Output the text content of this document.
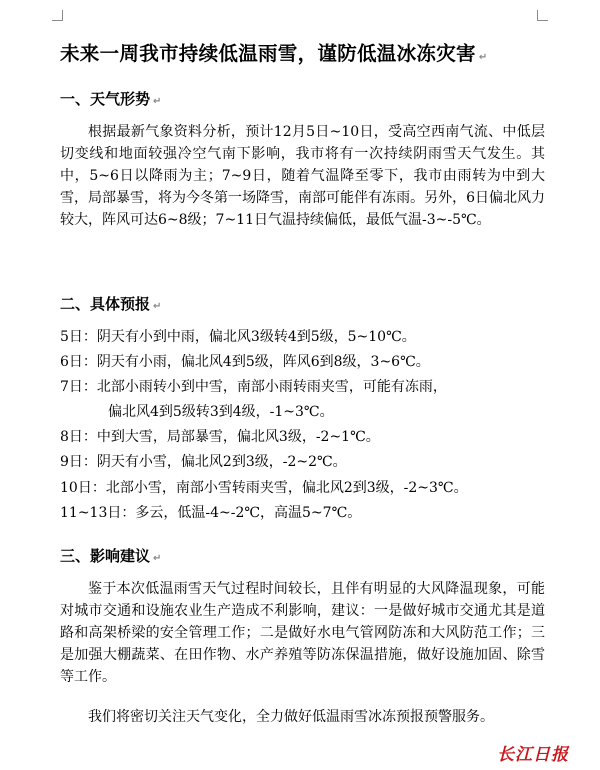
未来一周我市持续低温雨雪，谨防低温冰冻灾害 ↵
一、天气形势 ↵
根据最新气象资料分析，预计12月5日~10日，受高空西南气流、中低层切变线和地面较强冷空气南下影响，我市将有一次持续阴雨雪天气发生。其中，5~6日以降雨为主；7~9日，随着气温降至零下，我市由雨转为中到大雪，局部暴雪，将为今冬第一场降雪，南部可能伴有冻雨。另外，6日偏北风力较大，阵风可达6~8级；7~11日气温持续偏低，最低气温-3~-5℃。
二、具体预报 ↵
5日：阴天有小到中雨，偏北风3级转4到5级，5~10℃。
6日：阴天有小雨，偏北风4到5级，阵风6到8级，3~6℃。
7日：北部小雨转小到中雪，南部小雨转雨夹雪，可能有冻雨，
偏北风4到5级转3到4级，-1~3℃。
8日：中到大雪，局部暴雪，偏北风3级，-2~1℃。
9日：阴天有小雪，偏北风2到3级，-2~2℃。
10日：北部小雪，南部小雪转雨夹雪，偏北风2到3级，-2~3℃。
11~13日：多云，低温-4~-2℃，高温5~7℃。
三、影响建议 ↵
鉴于本次低温雨雪天气过程时间较长，且伴有明显的大风降温现象，可能对城市交通和设施农业生产造成不利影响，建议：一是做好城市交通尤其是道路和高架桥梁的安全管理工作；二是做好水电气管网防冻和大风防范工作；三是加强大棚蔬菜、在田作物、水产养殖等防冻保温措施，做好设施加固、除雪等工作。
我们将密切关注天气变化，全力做好低温雨雪冰冻预报预警服务。
长江日报
